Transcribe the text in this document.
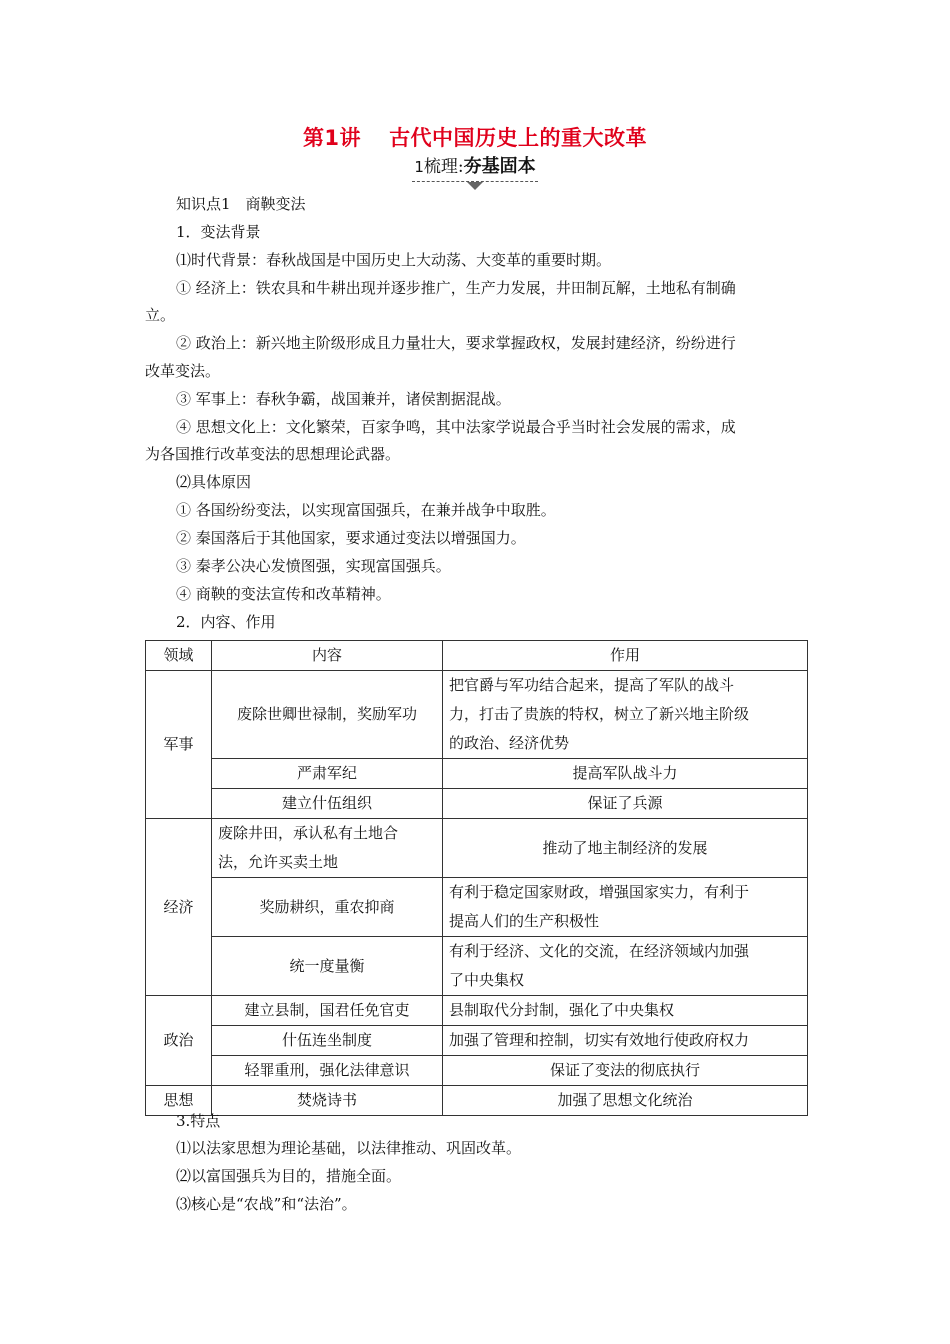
第1讲 古代中国历史上的重大改革
1梳理:夯基固本
知识点1　商鞅变法
1．变法背景
⑴时代背景：春秋战国是中国历史上大动荡、大变革的重要时期。
① 经济上：铁农具和牛耕出现并逐步推广，生产力发展，井田制瓦解，土地私有制确
立。
② 政治上：新兴地主阶级形成且力量壮大，要求掌握政权，发展封建经济，纷纷进行
改革变法。
③ 军事上：春秋争霸，战国兼并，诸侯割据混战。
④ 思想文化上：文化繁荣，百家争鸣，其中法家学说最合乎当时社会发展的需求，成
为各国推行改革变法的思想理论武器。
⑵具体原因
① 各国纷纷变法，以实现富国强兵，在兼并战争中取胜。
② 秦国落后于其他国家，要求通过变法以增强国力。
③ 秦孝公决心发愤图强，实现富国强兵。
④ 商鞅的变法宣传和改革精神。
2．内容、作用
领域	内容	作用
军事	废除世卿世禄制，奖励军功	把官爵与军功结合起来，提高了军队的战斗
力，打击了贵族的特权，树立了新兴地主阶级
的政治、经济优势

	严肃军纪	提高军队战斗力
	建立什伍组织	保证了兵源
经济	废除井田，承认私有土地合
法，允许买卖土地	推动了地主制经济的发展
	奖励耕织，重农抑商	有利于稳定国家财政，增强国家实力，有利于
提高人们的生产积极性

	统一度量衡	有利于经济、文化的交流，在经济领域内加强
了中央集权

政治	建立县制，国君任免官吏	县制取代分封制，强化了中央集权
	什伍连坐制度	加强了管理和控制，切实有效地行使政府权力
	轻罪重刑，强化法律意识	保证了变法的彻底执行
思想	焚烧诗书	加强了思想文化统治
3.特点
⑴以法家思想为理论基础，以法律推动、巩固改革。
⑵以富国强兵为目的，措施全面。
⑶核心是“农战”和“法治”。
